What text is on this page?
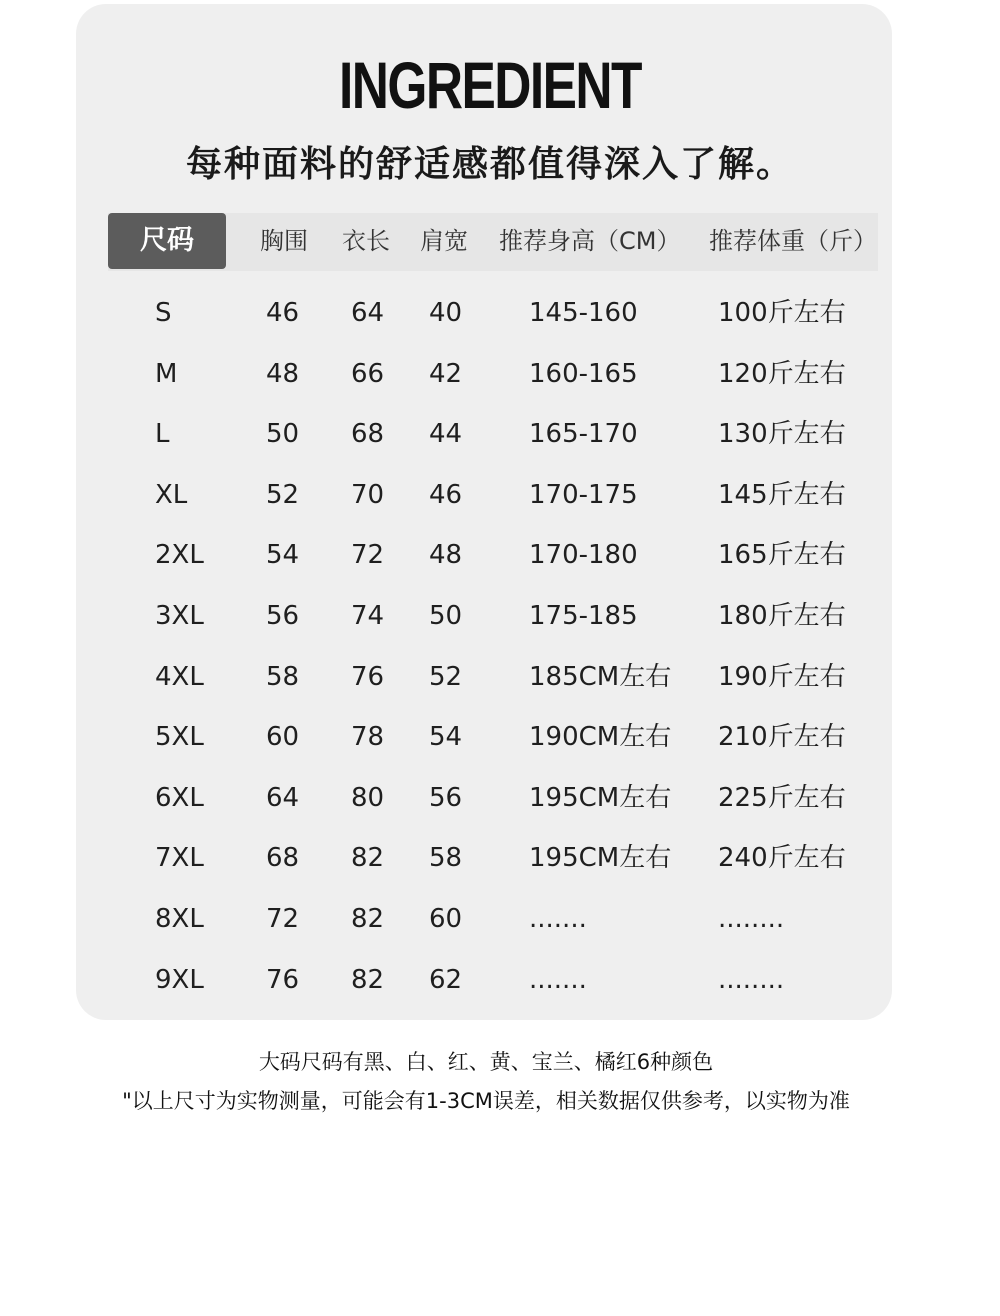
INGREDIENT
每种面料的舒适感都值得深入了解。
尺码	胸围 衣长 肩宽 推荐身高（CM） 推荐体重（斤）
S	46 64 40	145-160	100斤左右
M	48 66 42	160-165	120斤左右
L	50 68 44	165-170	130斤左右
XL	52 70 46	170-175	145斤左右
2XL 54 72 48	170-180	165斤左右
3XL 56 74 50	175-185	180斤左右
4XL 58 76 52	185CM左右 190斤左右
5XL 60 78 54	190CM左右 210斤左右
6XL 64 80 56	195CM左右 225斤左右
7XL 68 82 58	195CM左右 240斤左右
8XL 72 82 60	.......	........
9XL 76 82 62	.......	........
大码尺码有黑、白、红、黄、宝兰、橘红6种颜色
"以上尺寸为实物测量，可能会有1-3CM误差，相关数据仅供参考，以实物为准
